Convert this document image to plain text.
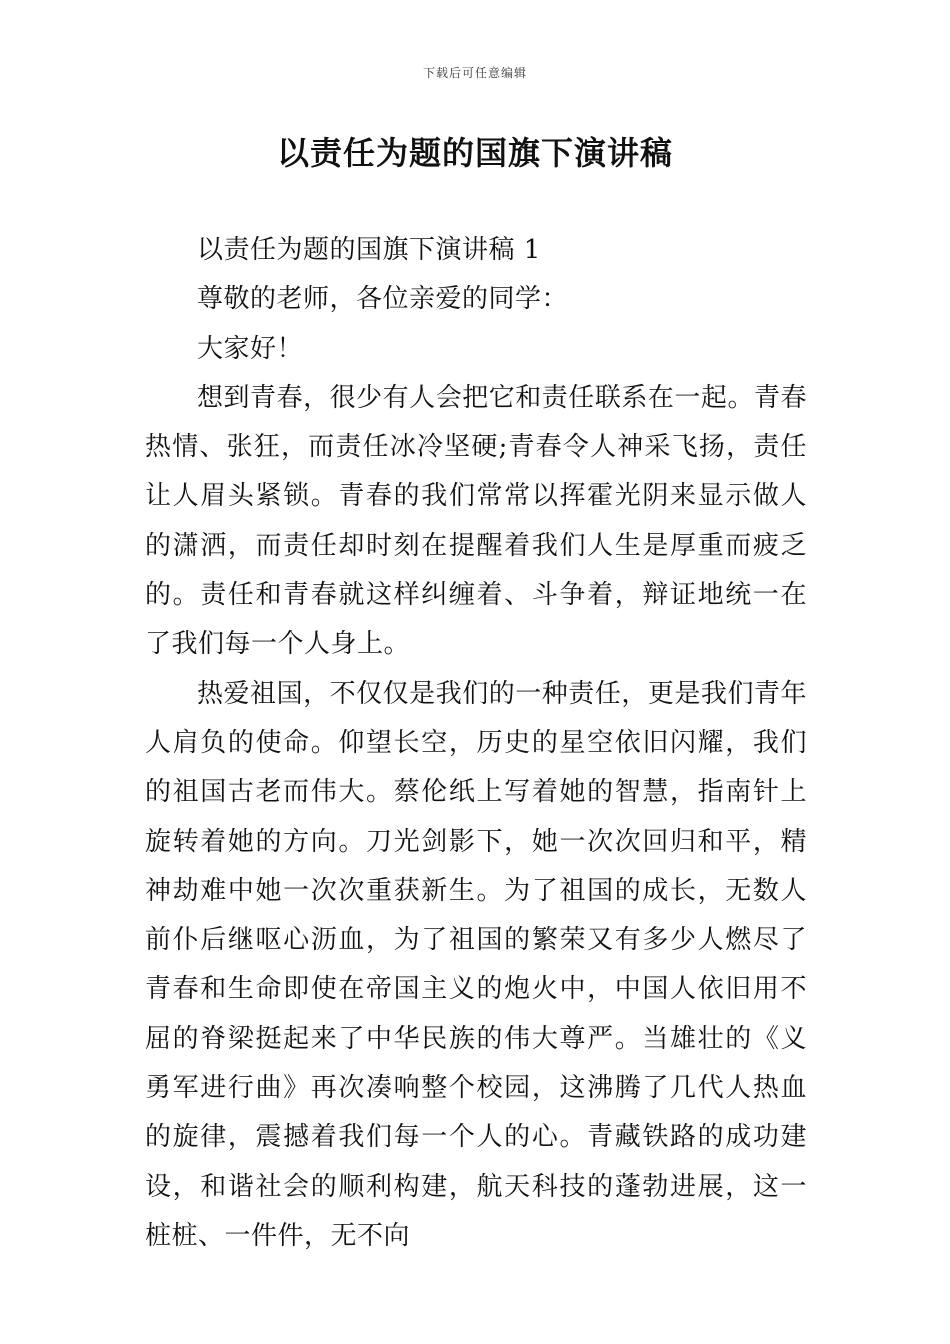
下载后可任意编辑
以责任为题的国旗下演讲稿

以责任为题的国旗下演讲稿 1

尊敬的老师，各位亲爱的同学：

大家好！

想到青春，很少有人会把它和责任联系在一起。青春热情、张狂，而责任冰冷坚硬;青春令人神采飞扬，责任让人眉头紧锁。青春的我们常常以挥霍光阴来显示做人的潇洒，而责任却时刻在提醒着我们人生是厚重而疲乏的。责任和青春就这样纠缠着、斗争着，辩证地统一在了我们每一个人身上。

热爱祖国，不仅仅是我们的一种责任，更是我们青年人肩负的使命。仰望长空，历史的星空依旧闪耀，我们的祖国古老而伟大。蔡伦纸上写着她的智慧，指南针上旋转着她的方向。刀光剑影下，她一次次回归和平，精神劫难中她一次次重获新生。为了祖国的成长，无数人前仆后继呕心沥血，为了祖国的繁荣又有多少人燃尽了青春和生命即使在帝国主义的炮火中，中国人依旧用不屈的脊梁挺起来了中华民族的伟大尊严。当雄壮的《义勇军进行曲》再次凑响整个校园，这沸腾了几代人热血的旋律，震撼着我们每一个人的心。青藏铁路的成功建设，和谐社会的顺利构建，航天科技的蓬勃进展，这一桩桩、一件件，无不向
